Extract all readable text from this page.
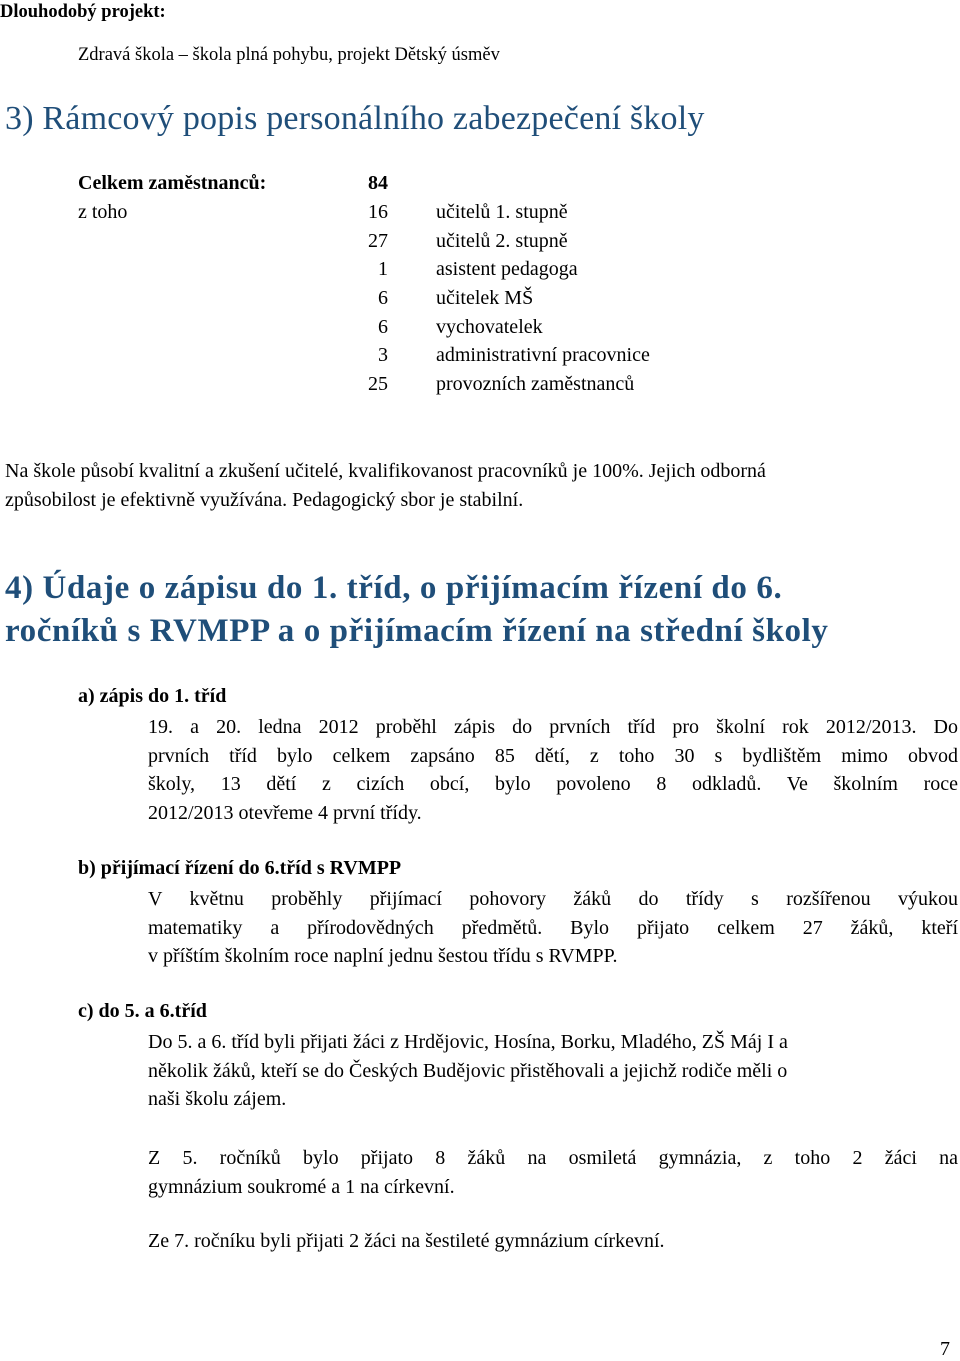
Dlouhodobý projekt:
Zdravá škola – škola plná pohybu, projekt Dětský úsměv
3) Rámcový popis personálního zabezpečení školy
Celkem zaměstnanců:	84
z toho	16 učitelů 1. stupně
27 učitelů 2. stupně
1 asistent pedagoga
6 učitelek MŠ
6 vychovatelek
3 administrativní pracovnice
25 provozních zaměstnanců
Na škole působí kvalitní a zkušení učitelé, kvalifikovanost pracovníků je 100%. Jejich odborná
způsobilost je efektivně využívána. Pedagogický sbor je stabilní.
4) Údaje o zápisu do 1. tříd, o přijímacím řízení do 6.
ročníků s RVMPP a o přijímacím řízení na střední školy
a) zápis do 1. tříd
19. a 20. ledna 2012 proběhl zápis do prvních tříd pro školní rok 2012/2013. Do
prvních tříd bylo celkem zapsáno 85 dětí, z toho 30 s bydlištěm mimo obvod
školy, 13 dětí z cizích obcí, bylo povoleno 8 odkladů. Ve školním roce
2012/2013 otevřeme 4 první třídy.
b) přijímací řízení do 6.tříd s RVMPP
V květnu proběhly přijímací pohovory žáků do třídy s rozšířenou výukou
matematiky a přírodovědných předmětů. Bylo přijato celkem 27 žáků, kteří
v příštím školním roce naplní jednu šestou třídu s RVMPP.
c) do 5. a 6.tříd
Do 5. a 6. tříd byli přijati žáci z Hrdějovic, Hosína, Borku, Mladého, ZŠ Máj I a
několik žáků, kteří se do Českých Budějovic přistěhovali a jejichž rodiče měli o
naši školu zájem.
Z 5. ročníků bylo přijato 8 žáků na osmiletá gymnázia, z toho 2 žáci na
gymnázium soukromé a 1 na církevní.
Ze 7. ročníku byli přijati 2 žáci na šestileté gymnázium církevní.
7
